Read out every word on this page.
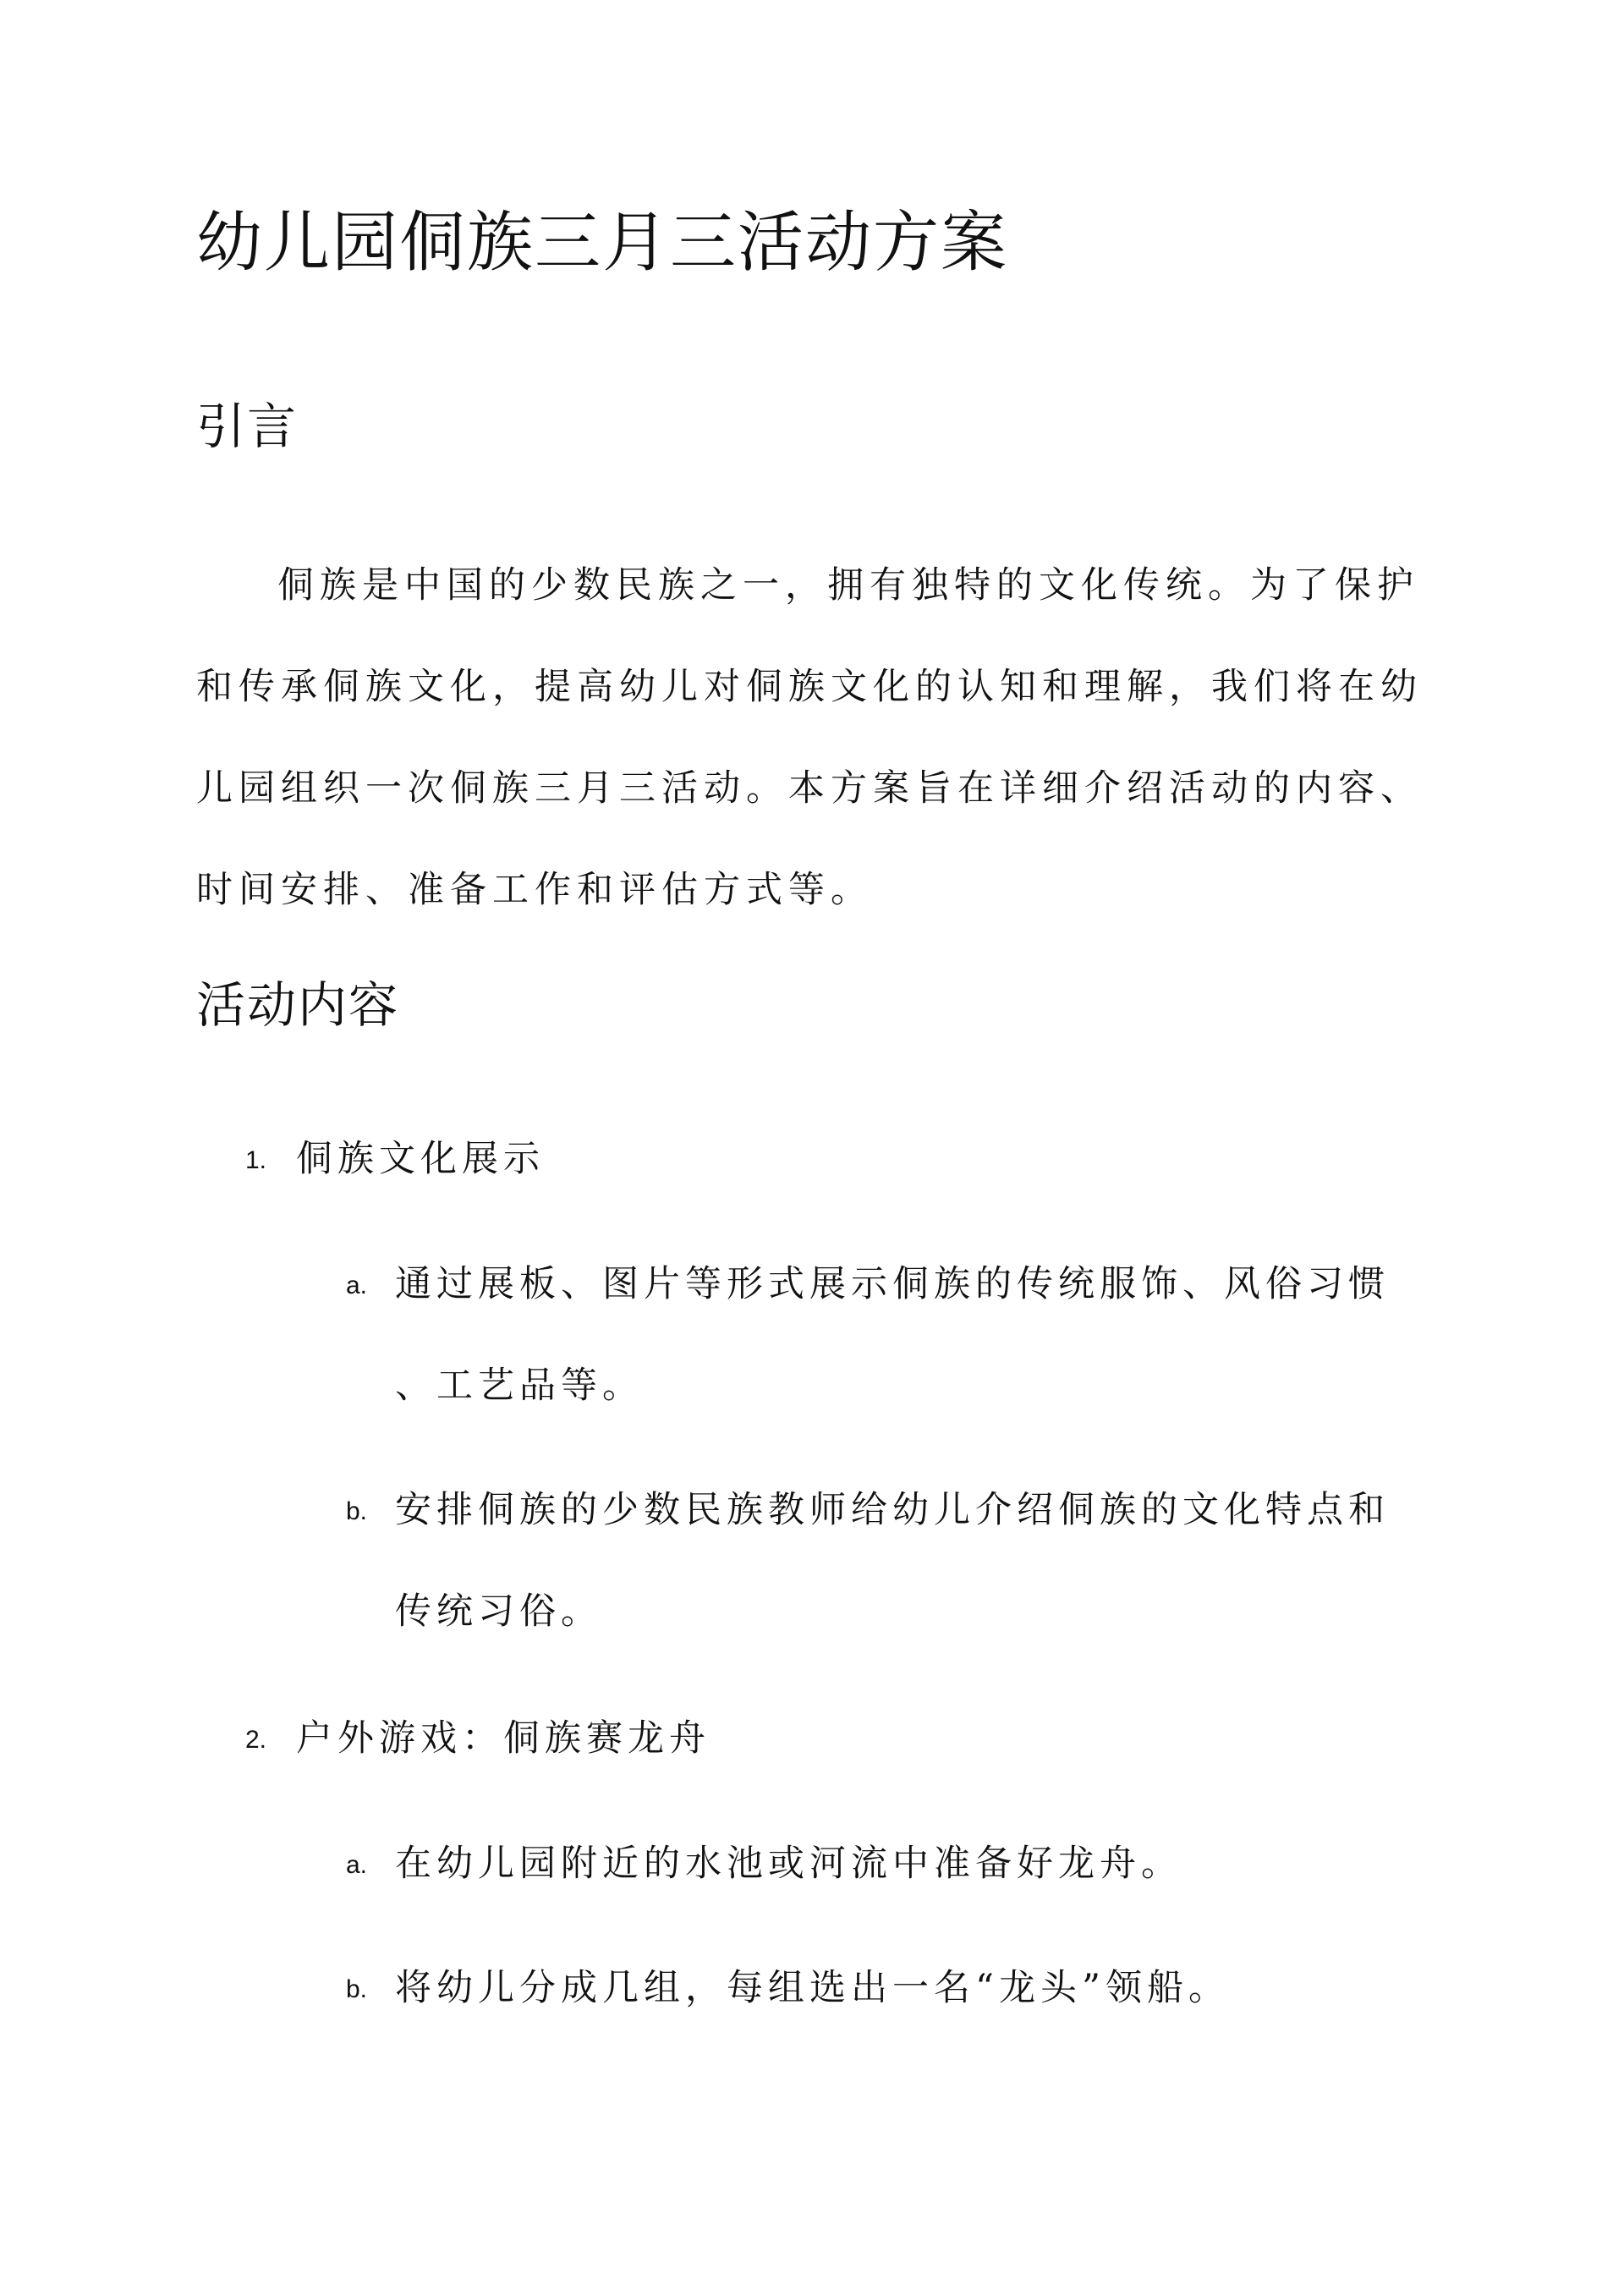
幼儿园侗族三月三活动方案
引言

侗族是中国的少数民族之一，拥有独特的文化传统。为了保护
和传承侗族文化，提高幼儿对侗族文化的认知和理解，我们将在幼
儿园组织一次侗族三月三活动。本方案旨在详细介绍活动的内容、
时间安排、准备工作和评估方式等。

活动内容
1. 侗族文化展示
a. 通过展板、图片等形式展示侗族的传统服饰、风俗习惯
、工艺品等。
b. 安排侗族的少数民族教师给幼儿介绍侗族的文化特点和
传统习俗。
2. 户外游戏：侗族赛龙舟
a. 在幼儿园附近的水池或河流中准备好龙舟。
b. 将幼儿分成几组，每组选出一名“龙头”领船。
